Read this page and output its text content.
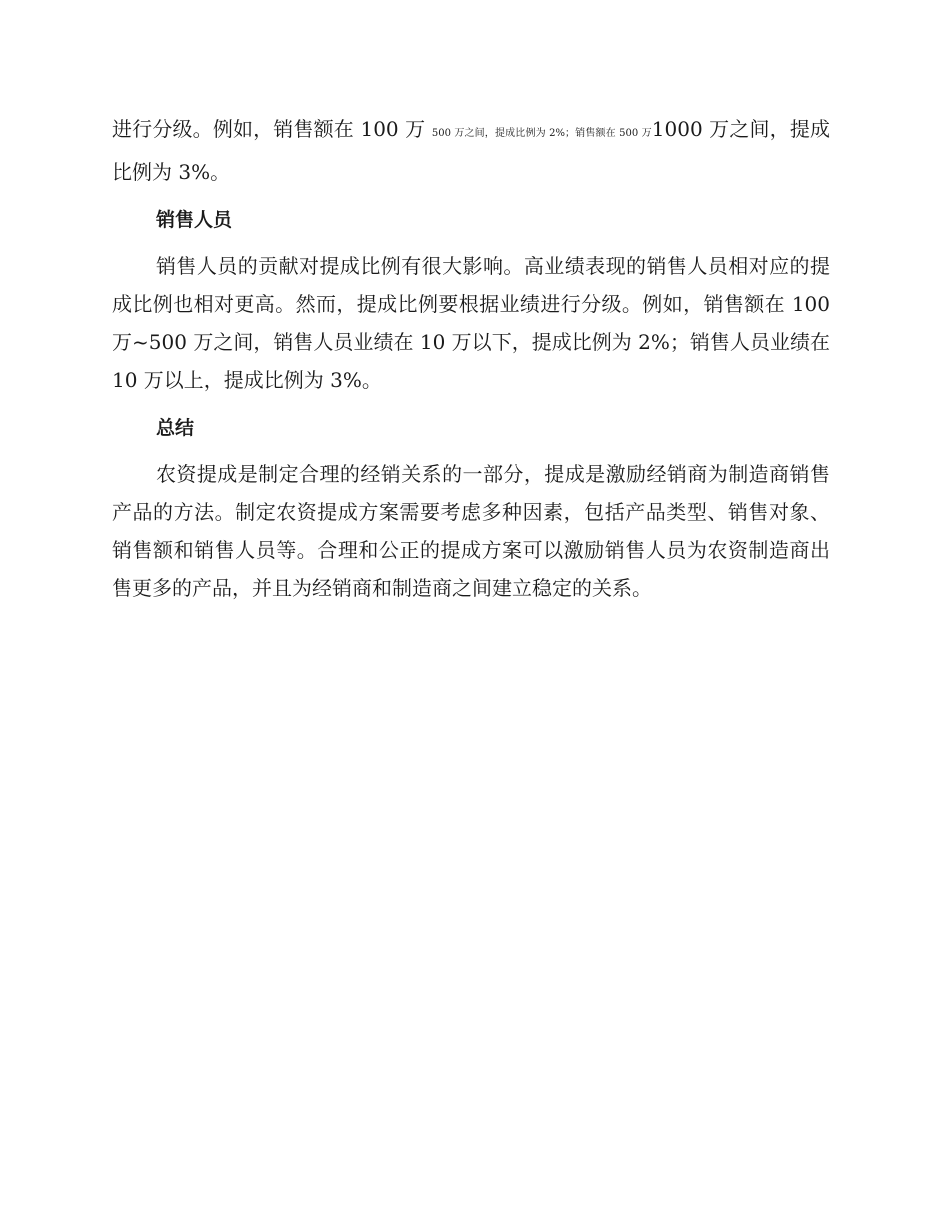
进行分级。例如，销售额在 100 万 500 万之间，提成比例为 2%；销售额在 500 万1000 万之间，提成比例为 3%。

销售人员

销售人员的贡献对提成比例有很大影响。高业绩表现的销售人员相对应的提成比例也相对更高。然而，提成比例要根据业绩进行分级。例如，销售额在 100 万~500 万之间，销售人员业绩在 10 万以下，提成比例为 2%；销售人员业绩在 10 万以上，提成比例为 3%。

总结

农资提成是制定合理的经销关系的一部分，提成是激励经销商为制造商销售产品的方法。制定农资提成方案需要考虑多种因素，包括产品类型、销售对象、销售额和销售人员等。合理和公正的提成方案可以激励销售人员为农资制造商出售更多的产品，并且为经销商和制造商之间建立稳定的关系。
